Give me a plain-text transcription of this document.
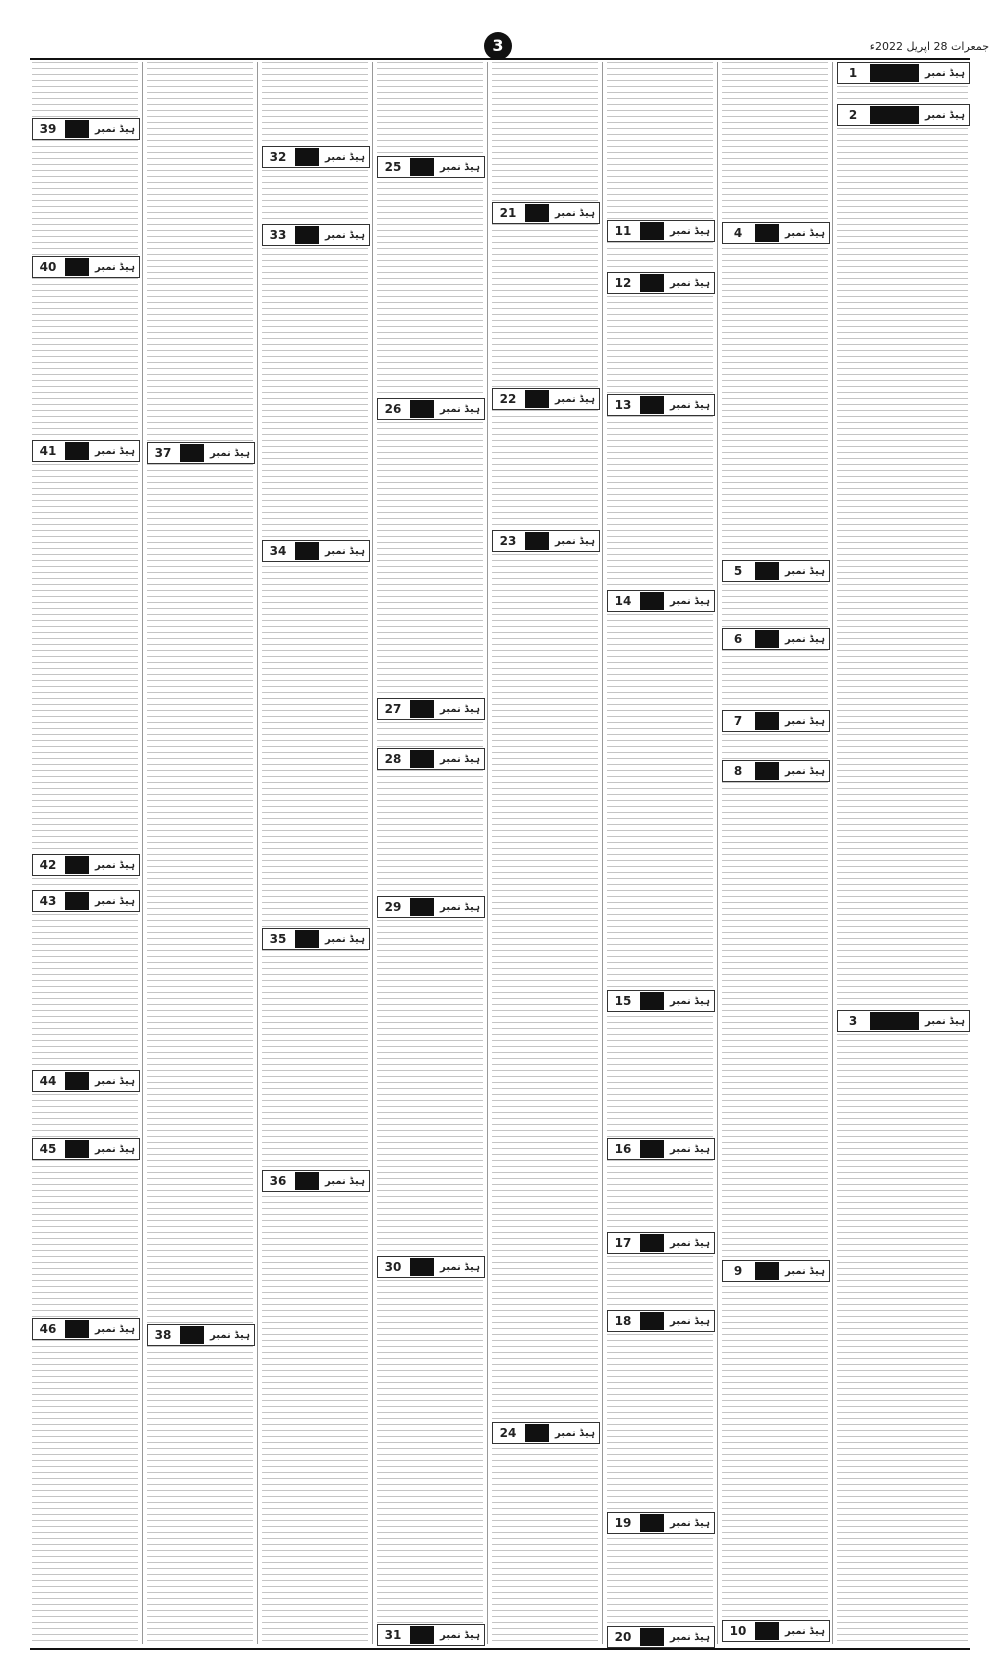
3	جمعرات 28 اپریل 2022ء
1	ہیڈ نمبر
2	ہیڈ نمبر
3	ہیڈ نمبر
4	ہیڈ نمبر
5	ہیڈ نمبر
6	ہیڈ نمبر
7	ہیڈ نمبر
8	ہیڈ نمبر
9	ہیڈ نمبر
10	ہیڈ نمبر
11	ہیڈ نمبر
12	ہیڈ نمبر
13	ہیڈ نمبر
14	ہیڈ نمبر
15	ہیڈ نمبر
16	ہیڈ نمبر
17	ہیڈ نمبر
18	ہیڈ نمبر
19	ہیڈ نمبر
20	ہیڈ نمبر
21	ہیڈ نمبر
22	ہیڈ نمبر
23	ہیڈ نمبر
24	ہیڈ نمبر
25	ہیڈ نمبر
26	ہیڈ نمبر
27	ہیڈ نمبر
28	ہیڈ نمبر
29	ہیڈ نمبر
30	ہیڈ نمبر
31	ہیڈ نمبر
32	ہیڈ نمبر
33	ہیڈ نمبر
34	ہیڈ نمبر
35	ہیڈ نمبر
36	ہیڈ نمبر
37	ہیڈ نمبر
38	ہیڈ نمبر
39	ہیڈ نمبر
40	ہیڈ نمبر
41	ہیڈ نمبر
42	ہیڈ نمبر
43	ہیڈ نمبر
44	ہیڈ نمبر
45	ہیڈ نمبر
46	ہیڈ نمبر
